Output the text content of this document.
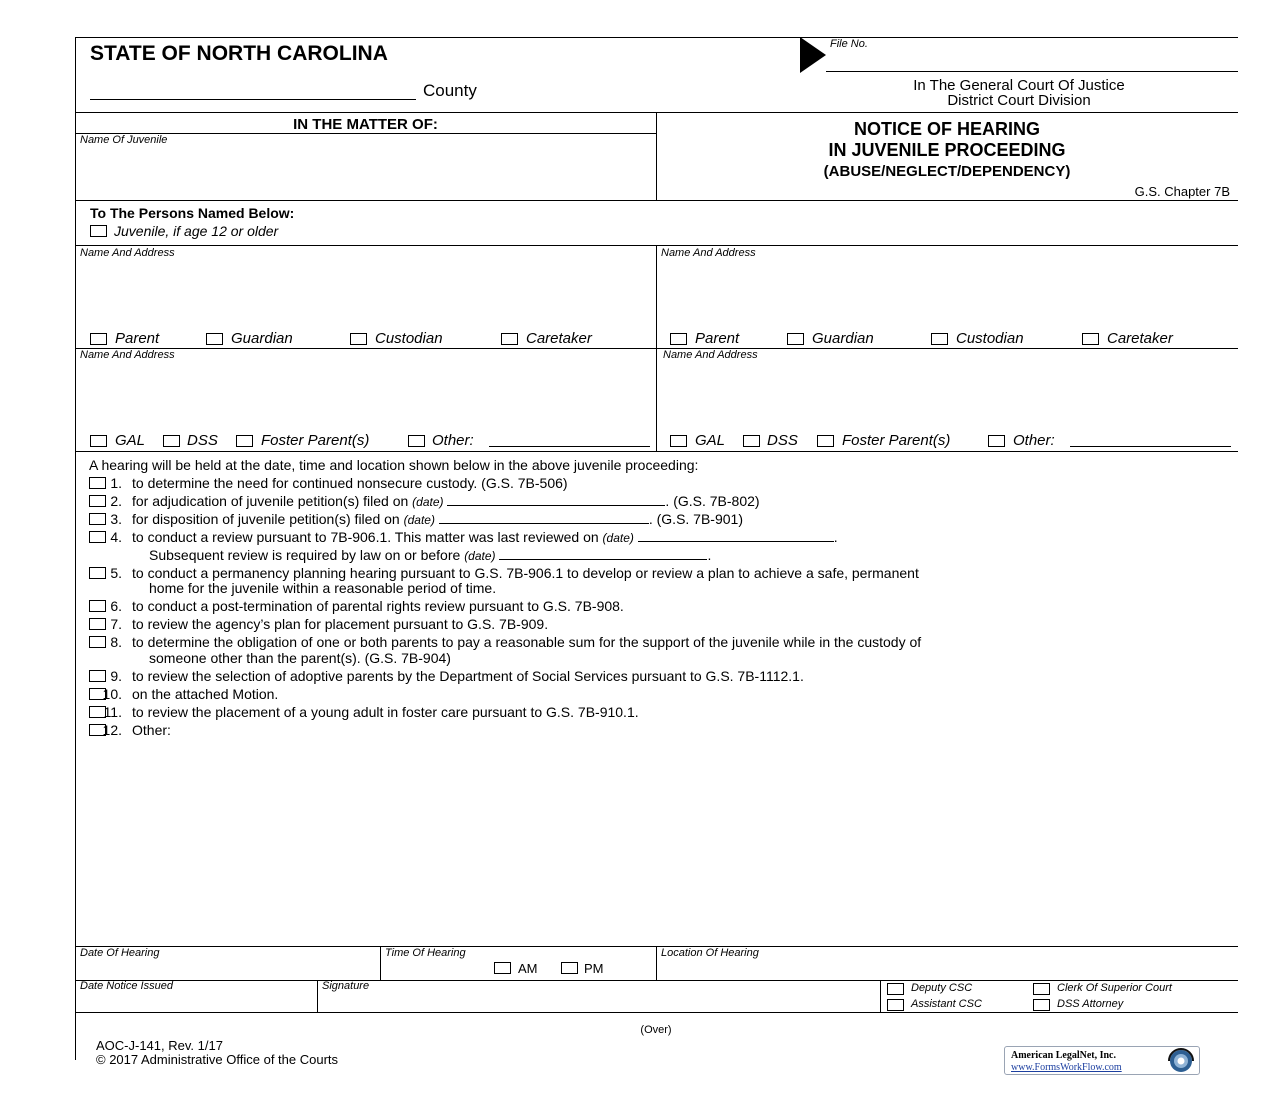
STATE OF NORTH CAROLINA
County
File No.
In The General Court Of Justice
District Court Division
IN THE MATTER OF:
Name Of Juvenile
NOTICE OF HEARING
IN JUVENILE PROCEEDING
(ABUSE/NEGLECT/DEPENDENCY)
G.S. Chapter 7B
To The Persons Named Below:
Juvenile, if age 12 or older
Name And Address	Name And Address
Parent	Guardian	Custodian	Caretaker	Parent	Guardian	Custodian	Caretaker
Name And Address	Name And Address
GAL	DSS	Foster Parent(s)	Other:	GAL	DSS	Foster Parent(s)	Other:
A hearing will be held at the date, time and location shown below in the above juvenile proceeding:
1. to determine the need for continued nonsecure custody. (G.S. 7B-506)
2. for adjudication of juvenile petition(s) filed on (date)	. (G.S. 7B-802)
3. for disposition of juvenile petition(s) filed on (date)	. (G.S. 7B-901)
4. to conduct a review pursuant to 7B-906.1. This matter was last reviewed on (date)	.
Subsequent review is required by law on or before (date)	.
5. to conduct a permanency planning hearing pursuant to G.S. 7B-906.1 to develop or review a plan to achieve a safe, permanent
home for the juvenile within a reasonable period of time.
6. to conduct a post-termination of parental rights review pursuant to G.S. 7B-908.
7. to review the agency’s plan for placement pursuant to G.S. 7B-909.
8. to determine the obligation of one or both parents to pay a reasonable sum for the support of the juvenile while in the custody of
someone other than the parent(s). (G.S. 7B-904)
9. to review the selection of adoptive parents by the Department of Social Services pursuant to G.S. 7B-1112.1.
10. on the attached Motion.
11. to review the placement of a young adult in foster care pursuant to G.S. 7B-910.1.
12. Other:
Date Of Hearing	Time Of Hearing
AM	PM
Location Of Hearing
Date Notice Issued	Signature	Deputy CSC	Clerk Of Superior Court
Assistant CSC	DSS Attorney
(Over)
AOC-J-141, Rev. 1/17
© 2017 Administrative Office of the Courts	American LegalNet, Inc.
www.FormsWorkFlow.com
